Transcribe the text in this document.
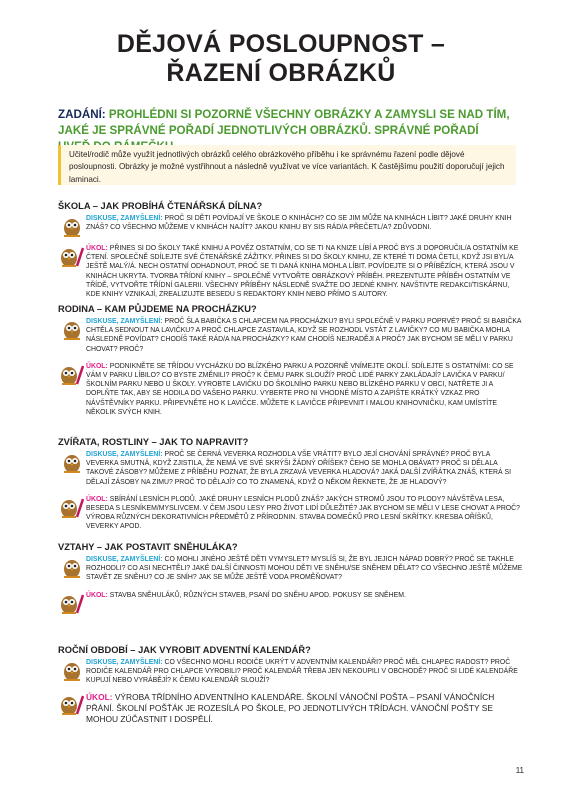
DĚJOVÁ POSLOUPNOST –
ŘAZENÍ OBRÁZKŮ
ZADÁNÍ: PROHLÉDNI SI POZORNĚ VŠECHNY OBRÁZKY A ZAMYSLI SE NAD TÍM, JAKÉ JE SPRÁVNÉ POŘADÍ JEDNOTLIVÝCH OBRÁZKŮ. SPRÁVNÉ POŘADÍ
Učitel/rodič může využít jednotlivých obrázků celého obrázkového příběhu i ke správnému řazení podle dějové posloupnosti. Obrázky je možné vystřihnout a následně využívat ve více variantách. K častějšímu použití doporučují jejich laminaci.
ŠKOLA – JAK PROBÍHÁ ČTENÁŘSKÁ DÍLNA?
DISKUSE, ZAMYŠLENÍ: PROČ SI DĚTI POVÍDAJÍ VE ŠKOLE O KNIHÁCH? CO SE JIM MŮŽE NA KNIHÁCH LÍBIT? JAKÉ DRUHY KNIH ZNÁŠ? CO VŠECHNO MŮŽEME V KNIHÁCH NAJÍT? JAKOU KNIHU BY SIS RÁD/A PŘEČETL/A? ZDŮVODNI.
ÚKOL: PŘINES SI DO ŠKOLY TAKÉ KNIHU A POVĚZ OSTATNÍM, CO SE TI NA KNIZE LÍBÍ A PROČ BYS JI DOPORUČIL/A OSTATNÍM KE ČTENÍ. SPOLEČNĚ SDÍLEJTE SVÉ ČTENÁŘSKÉ ZÁŽITKY. PŘINES SI DO ŠKOLY KNIHU, ZE KTERÉ TI DOMA ČETLI, KDYŽ JSI BYL/A JEŠTĚ MALÝ/Á. NECH OSTATNÍ ODHADNOUT, PROČ SE TI DANÁ KNIHA MOHLA LÍBIT. POVÍDEJTE SI O PŘÍBĚZÍCH, KTERÁ JSOU V KNIHÁCH UKRYTA. TVORBA TŘÍDNÍ KNIHY – SPOLEČNĚ VYTVOŘTE OBRÁZKOVÝ PŘÍBĚH. PREZENTUJTE PŘÍBĚH OSTATNÍM VE TŘÍDĚ, VYTVOŘTE TŘÍDNÍ GALERII. VŠECHNY PŘÍBĚHY NÁSLEDNĚ SVAŽTE DO JEDNÉ KNIHY. NAVŠTIVTE REDAKCI/TISKÁRNU, KDE KNIHY VZNIKAJÍ, ZREALIZUJTE BESEDU S REDAKTORY KNIH NEBO PŘÍMO S AUTORY.
RODINA – KAM PŮJDEME NA PROCHÁZKU?
DISKUSE, ZAMYŠLENÍ: PROČ ŠLA BABIČKA S CHLAPCEM NA PROCHÁZKU? BYLI SPOLEČNĚ V PARKU POPRVÉ? PROČ SI BABIČKA CHTĚLA SEDNOUT NA LAVIČKU? A PROČ CHLAPCE ZASTAVILA, KDYŽ SE ROZHODL VSTÁT Z LAVIČKY? CO MU BABIČKA MOHLA NÁSLEDNĚ POVÍDAT? CHODÍŠ TAKÉ RÁD/A NA PROCHÁZKY? KAM CHODÍŠ NEJRADĚJI A PROČ? JAK BYCHOM SE MĚLI V PARKU CHOVAT? PROČ?
ÚKOL: PODNIKNĚTE SE TŘÍDOU VYCHÁZKU DO BLÍZKÉHO PARKU A POZORNĚ VNÍMEJTE OKOLÍ. SDÍLEJTE S OSTATNÍMI: CO SE VÁM V PARKU LÍBILO? CO BYSTE ZMĚNILI? PROČ? K ČEMU PARK SLOUŽÍ? PROČ LIDÉ PARKY ZAKLÁDAJÍ? LAVIČKA V PARKU/ŠKOLNÍM PARKU NEBO U ŠKOLY. VYROBTE LAVIČKU DO ŠKOLNÍHO PARKU NEBO BLÍZKÉHO PARKU V OBCI, NATŘETE JI A DOPLŇTE TAK, ABY SE HODILA DO VAŠEHO PARKU. VYBERTE PRO NI VHODNÉ MÍSTO A ZAPIŠTE KRÁTKÝ VZKAZ PRO NÁVŠTĚVNÍKY PARKU. PŘIPEVNĚTE HO K LAVIČCE. MŮŽETE K LAVIČCE PŘIPEVNIT I MALOU KNIHOVNIČKU, KAM UMÍSTÍTE NĚKOLIK SVÝCH KNIH.
ZVÍŘATA, ROSTLINY – JAK TO NAPRAVIT?
DISKUSE, ZAMYŠLENÍ: PROČ SE ČERNÁ VEVERKA ROZHODLA VŠE VRÁTIT? BYLO JEJÍ CHOVÁNÍ SPRÁVNÉ? PROČ BYLA VEVERKA SMUTNÁ, KDYŽ ZJISTILA, ŽE NEMÁ VE SVÉ SKRÝŠI ŽÁDNÝ OŘÍŠEK? ČEHO SE MOHLA OBÁVAT? PROČ SI DĚLALA TAKOVÉ ZÁSOBY? MŮŽEME Z PŘÍBĚHU POZNAT, ŽE BYLA ZRZAVÁ VEVERKA HLADOVÁ? JAKÁ DALŠÍ ZVÍŘÁTKA ZNÁŠ, KTERÁ SI DĚLAJÍ ZÁSOBY NA ZIMU? PROČ TO DĚLAJÍ? CO TO ZNAMENÁ, KDYŽ O NĚKOM ŘEKNETE, ŽE JE HLADOVÝ?
ÚKOL: SBÍRÁNÍ LESNÍCH PLODŮ. JAKÉ DRUHY LESNÍCH PLODŮ ZNÁŠ? JAKÝCH STROMŮ JSOU TO PLODY? NÁVŠTĚVA LESA, BESEDA S LESNÍKEM/MYSLIVCEM. V ČEM JSOU LESY PRO ŽIVOT LIDÍ DŮLEŽITÉ? JAK BYCHOM SE MĚLI V LESE CHOVAT A PROČ? VÝROBA RŮZNÝCH DEKORATIVNÍCH PŘEDMĚTŮ Z PŘÍRODNIN. STAVBA DOMEČKŮ PRO LESNÍ SKŘÍTKY. KRESBA OŘÍŠKŮ, VEVERKY APOD.
VZTAHY – JAK POSTAVIT SNĚHULÁKA?
DISKUSE, ZAMYŠLENÍ: CO MOHLI JINÉHO JEŠTĚ DĚTI VYMYSLET? MYSLÍŠ SI, ŽE BYL JEJICH NÁPAD DOBRÝ? PROČ SE TAKHLE ROZHODLI? CO ASI NECHTĚLI? JAKÉ DALŠÍ ČINNOSTI MOHOU DĚTI VE SNĚHU/SE SNĚHEM DĚLAT? CO VŠECHNO JEŠTĚ MŮŽEME STAVĚT ZE SNĚHU? CO JE SNÍH? JAK SE MŮŽE JEŠTĚ VODA PROMĚŇOVAT?
ÚKOL: STAVBA SNĚHULÁKŮ, RŮZNÝCH STAVEB, PSANÍ DO SNĚHU APOD. POKUSY SE SNĚHEM.
ROČNÍ OBDOBÍ – JAK VYROBIT ADVENTNÍ KALENDÁŘ?
DISKUSE, ZAMYŠLENÍ: CO VŠECHNO MOHLI RODIČE UKRÝT V ADVENTNÍM KALENDÁŘI? PROČ MĚL CHLAPEC RADOST? PROČ RODIČE KALENDÁŘ PRO CHLAPCE VYROBILI? PROČ KALENDÁŘ TŘEBA JEN NEKOUPILI V OBCHODĚ? PROČ SI LIDÉ KALENDÁŘE KUPUJÍ NEBO VYRÁBĚJÍ? K ČEMU KALENDÁŘ SLOUŽÍ?
ÚKOL: VÝROBA TŘÍDNÍHO ADVENTNÍHO KALENDÁŘE. ŠKOLNÍ VÁNOČNÍ POŠTA – PSANÍ VÁNOČNÍCH PŘÁNÍ. ŠKOLNÍ POŠŤÁK JE ROZESÍLÁ PO ŠKOLE, PO JEDNOTLIVÝCH TŘÍDÁCH. VÁNOČNÍ POŠTY SE MOHOU ZÚČASTNIT I DOSPĚLÍ.
11
